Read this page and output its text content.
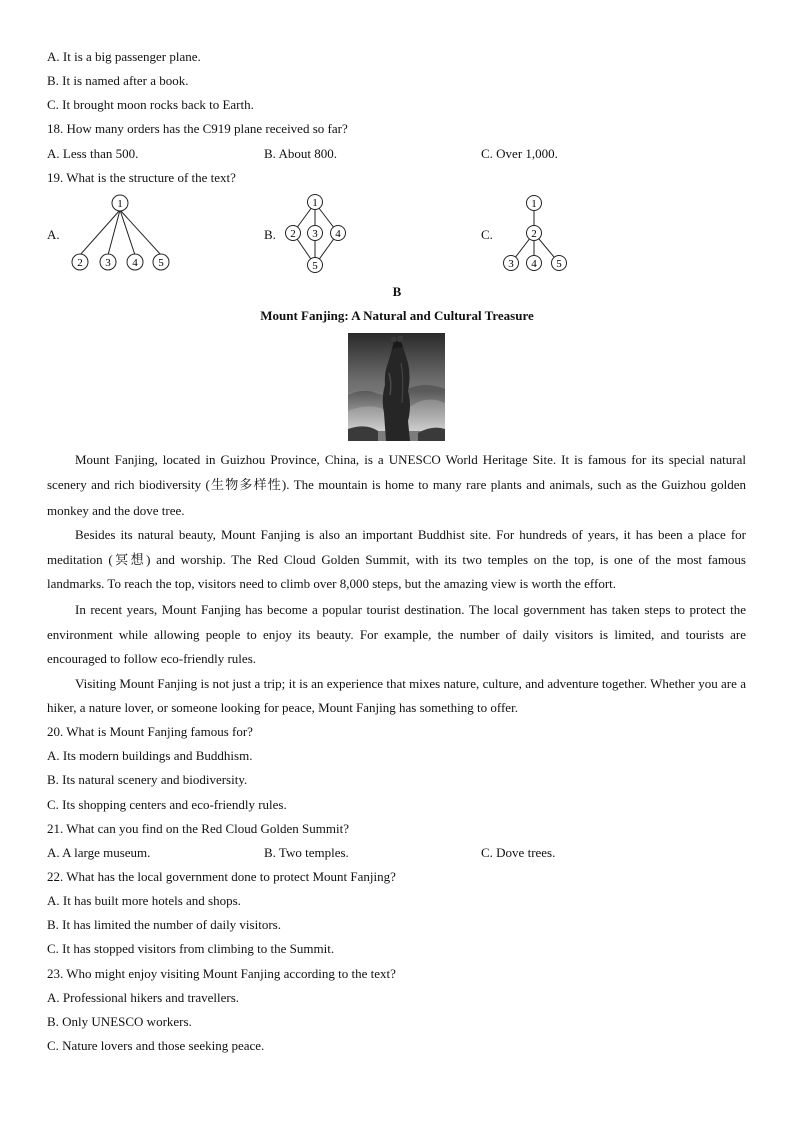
A. It is a big passenger plane.
B. It is named after a book.
C. It brought moon rocks back to Earth.
18. How many orders has the C919 plane received so far?
A. Less than 500.	B. About 800.	C. Over 1,000.
19. What is the structure of the text?
A.	B.	C.
1
2 3 4 5
1
2 3 4
5
1
2
3 4 5
B
Mount Fanjing: A Natural and Cultural Treasure
Mount Fanjing, located in Guizhou Province, China, is a UNESCO World Heritage Site. It is famous for its special natural scenery and rich biodiversity (生物多样性). The mountain is home to many rare plants and animals, such as the Guizhou golden monkey and the dove tree.
Besides its natural beauty, Mount Fanjing is also an important Buddhist site. For hundreds of years, it has been a place for meditation (冥想) and worship. The Red Cloud Golden Summit, with its two temples on the top, is one of the most famous landmarks. To reach the top, visitors need to climb over 8,000 steps, but the amazing view is worth the effort.
In recent years, Mount Fanjing has become a popular tourist destination. The local government has taken steps to protect the environment while allowing people to enjoy its beauty. For example, the number of daily visitors is limited, and tourists are encouraged to follow eco-friendly rules.
Visiting Mount Fanjing is not just a trip; it is an experience that mixes nature, culture, and adventure together. Whether you are a hiker, a nature lover, or someone looking for peace, Mount Fanjing has something to offer.
20. What is Mount Fanjing famous for?
A. Its modern buildings and Buddhism.
B. Its natural scenery and biodiversity.
C. Its shopping centers and eco-friendly rules.
21. What can you find on the Red Cloud Golden Summit?
A. A large museum.	B. Two temples.	C. Dove trees.
22. What has the local government done to protect Mount Fanjing?
A. It has built more hotels and shops.
B. It has limited the number of daily visitors.
C. It has stopped visitors from climbing to the Summit.
23. Who might enjoy visiting Mount Fanjing according to the text?
A. Professional hikers and travellers.
B. Only UNESCO workers.
C. Nature lovers and those seeking peace.
